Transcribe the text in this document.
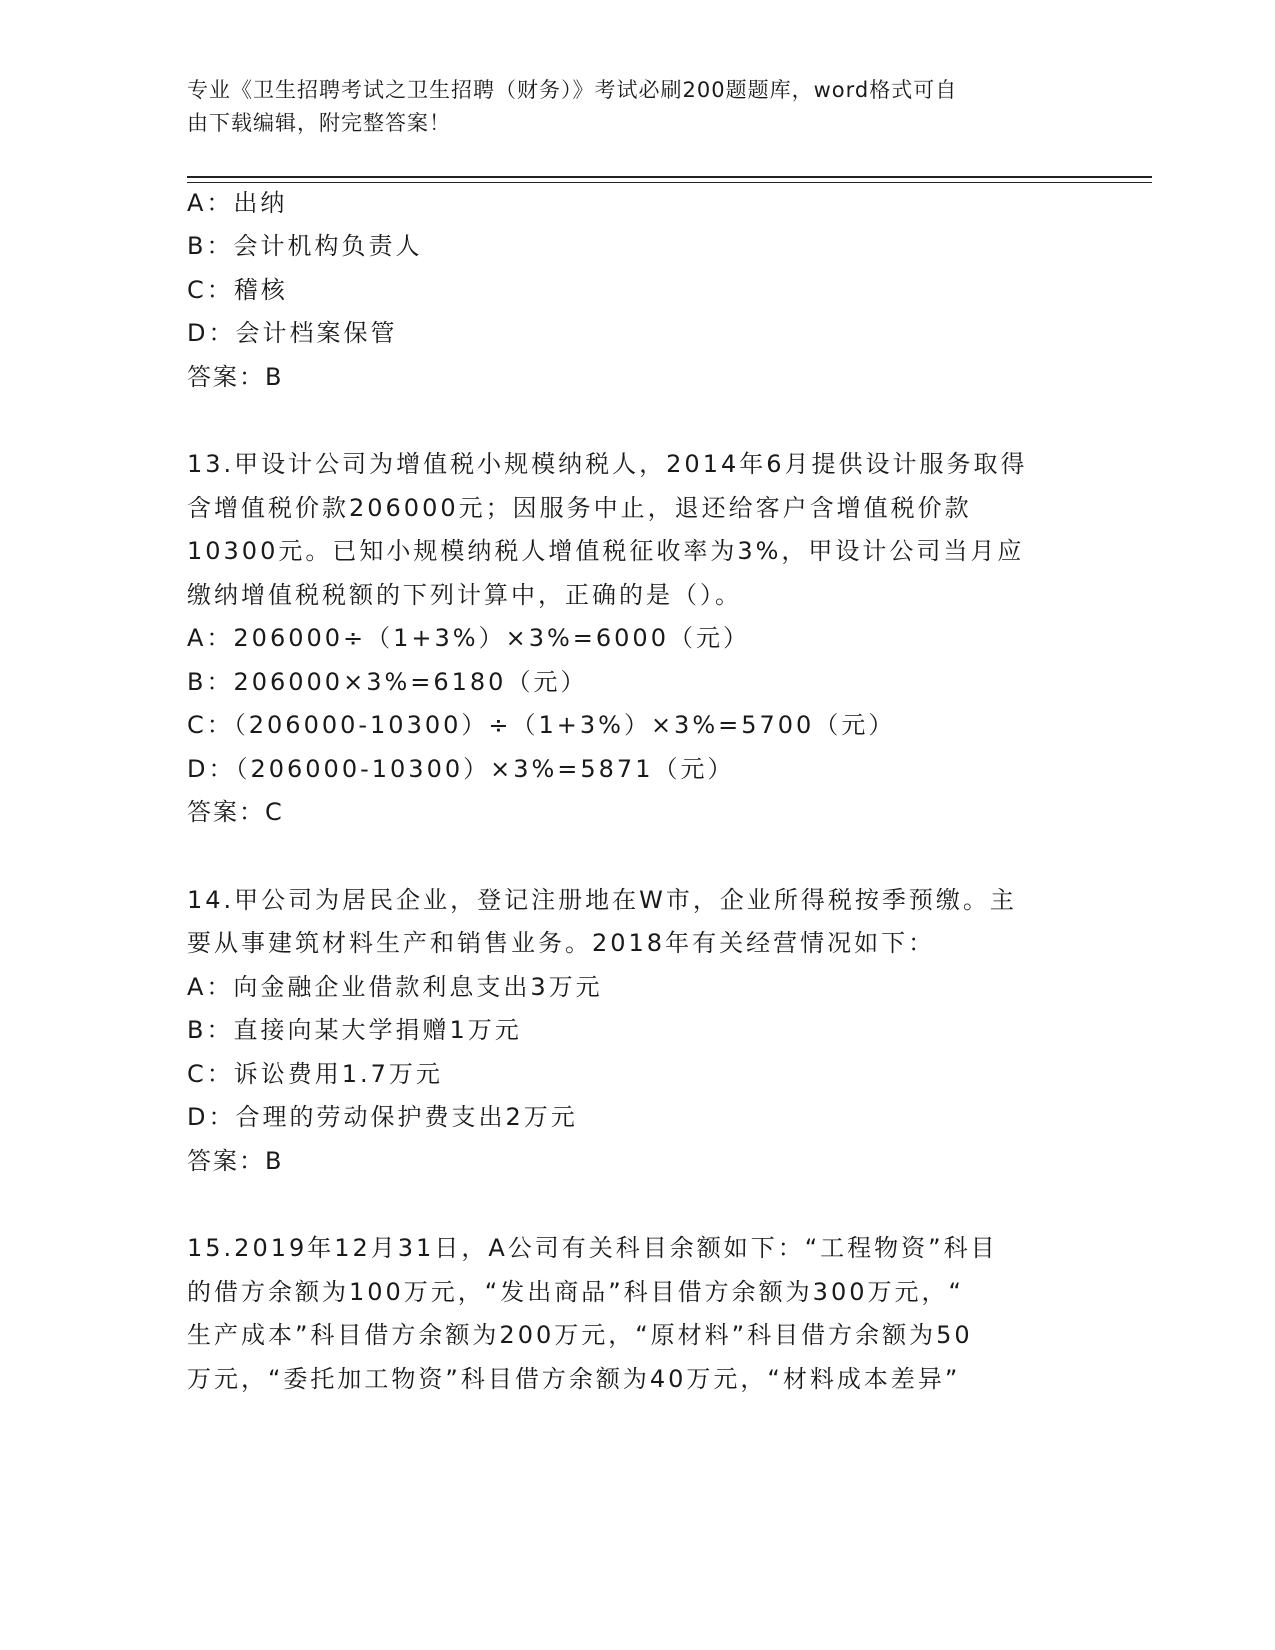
专业《卫生招聘考试之卫生招聘（财务）》考试必刷200题题库，word格式可自
由下载编辑，附完整答案！
A：出纳
B：会计机构负责人
C：稽核
D：会计档案保管
答案：B
13.甲设计公司为增值税小规模纳税人，2014年6月提供设计服务取得
含增值税价款206000元；因服务中止，退还给客户含增值税价款
10300元。已知小规模纳税人增值税征收率为3%，甲设计公司当月应
缴纳增值税税额的下列计算中，正确的是（）。
A：206000÷（1+3%）×3%=6000（元）
B：206000×3%=6180（元）
C：（206000-10300）÷（1+3%）×3%=5700（元）
D：（206000-10300）×3%=5871（元）
答案：C
14.甲公司为居民企业，登记注册地在W市，企业所得税按季预缴。主
要从事建筑材料生产和销售业务。2018年有关经营情况如下：
A：向金融企业借款利息支出3万元
B：直接向某大学捐赠1万元
C：诉讼费用1.7万元
D：合理的劳动保护费支出2万元
答案：B
15.2019年12月31日，A公司有关科目余额如下：“工程物资”科目
的借方余额为100万元，“发出商品”科目借方余额为300万元，“
生产成本”科目借方余额为200万元，“原材料”科目借方余额为50
万元，“委托加工物资”科目借方余额为40万元，“材料成本差异”
